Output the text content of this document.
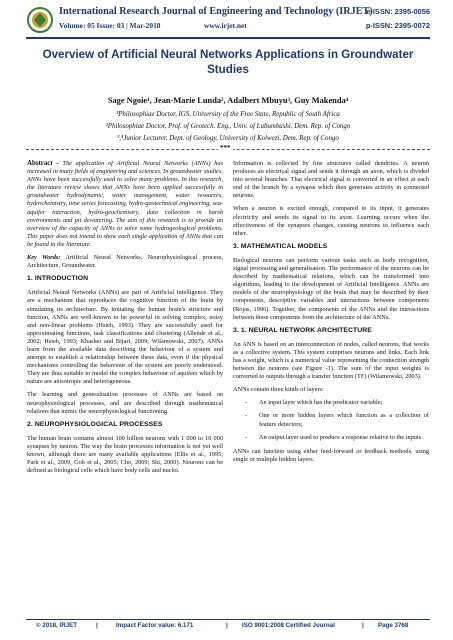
International Research Journal of Engineering and Technology (IRJET)
e-ISSN: 2395-0056
Volume: 05 Issue: 03 | Mar-2018	www.irjet.net	p-ISSN: 2395-0072
Overview of Artificial Neural Networks Applications in Groundwater Studies
Sage Ngoie¹, Jean-Marie Lunda², Adalbert Mbuyu³, Guy Makenda⁴
¹Philosophiae Doctor, IGS, University of the Free State, Republic of South Africa
²Philosophiae Doctor, Prof. of Geotech. Eng., Univ. of Lubumbashi, Dem. Rep. of Congo
³,⁴Junior Lecturer, Dept. of Geology, University of Kolwezi, Dem. Rep. of Congo
***

Abstract - The application of Artificial Neural Networks (ANNs) has increased in many fields of engineering and sciences. In groundwater studies, ANNs have been successfully used to solve many problems. In this research, the literature review shows that ANNs have been applied successfully in groundwater hydrodynamic, water management, water resources, hydrochemistry, time series forecasting, hydro-geotechnical engineering, sea-aquifer interaction, hydro-geochemistry, data collection in harsh environments and pit dewatering. The aim of this research is to provide an overview of the capacity of ANNs to solve some hydrogeological problems. This paper does not intend to show each single application of ANNs that can be found in the literature.

Key Words: Artificial Neural Networks, Neurophysiological process, Architecture, Groundwater.

1. INTRODUCTION

Artificial Neural Networks (ANNs) are part of Artificial Intelligence. They are a mechanism that reproduces the cognitive function of the brain by simulating its architecture. By imitating the human brain's structure and function, ANNs are well-known to be powerful in solving complex, noisy and non-linear problems (Hsieh, 1993). They are successfully used for approximating functions, task classifications and clustering (Allende et al., 2002; Hsieh, 1993; Khashei and Bijari, 2009; Wilamowski, 2007). ANNs learn from the available data describing the behaviour of a system and attempt to establish a relationship between these data, even if the physical mechanisms controlling the behaviour of the system are poorly understood. They are thus suitable to model the complex behaviour of aquifers which by nature are anisotropic and heterogeneous.

The learning and generalisation processes of ANNs are based on neurophysiological processes, and are described through mathematical relations that mimic the neurophysiological functioning.

2. NEUROPHYSIOLOGICAL PROCESSES

The human brain contains almost 100 billion neurons with 1 000 to 10 000 synapses by neuron. The way the brain processes information is not yet well known, although there are many available applications (Ellis et al., 1995; Park et al., 2009, Goh et al., 2005; Cho, 2009; Shi, 2000). Neurons can be defined as biological cells which have body cells and nuclei.

Information is collected by fine structures called dendrites. A neuron produces an electrical signal and sends it through an axon, which is divided into several branches. That electrical signal is converted in an effect at each end of the branch by a synapse which then generates activity in connected neurons.

When a neuron is excited enough, compared to its input, it generates electricity and sends its signal to its axon. Learning occurs when the effectiveness of the synapses changes, causing neurons to influence each other.

3. MATHEMATICAL MODELS

Biological neurons can perform various tasks such as body recognition, signal processing and generalisation. The performance of the neurons can be described by mathematical relations, which can be transformed into algorithms, leading to the development of Artificial Intelligence. ANNs are models of the neurophysiology of the brain that may be described by their components, descriptive variables and interactions between components (Rojas, 1996). Together, the components of the ANNs and the interactions between these components form the architecture of the ANNs.

3. 1. NEURAL NETWORK ARCHITECTURE

An ANN is based on an interconnection of nodes, called neurons, that works as a collective system. This system comprises neurons and links. Each link has a weight, which is a numerical value representing the connection strength between the neurons (see Figure -1). The sum of the input weights is converted to outputs through a transfer function (TF) (Wilamowski, 2003).

ANNs contain three kinds of layers:

- An input layer which has the predicator variable;
- One or more hidden layers which function as a collection of feature detectors;
- An output layer used to produce a response relative to the inputs.

ANNs can function using either feed-forward or feedback methods, using single or multiple hidden layers.

© 2018, IRJET	|	Impact Factor value: 6.171	| ISO 9001:2008 Certified Journal	| Page 3768
